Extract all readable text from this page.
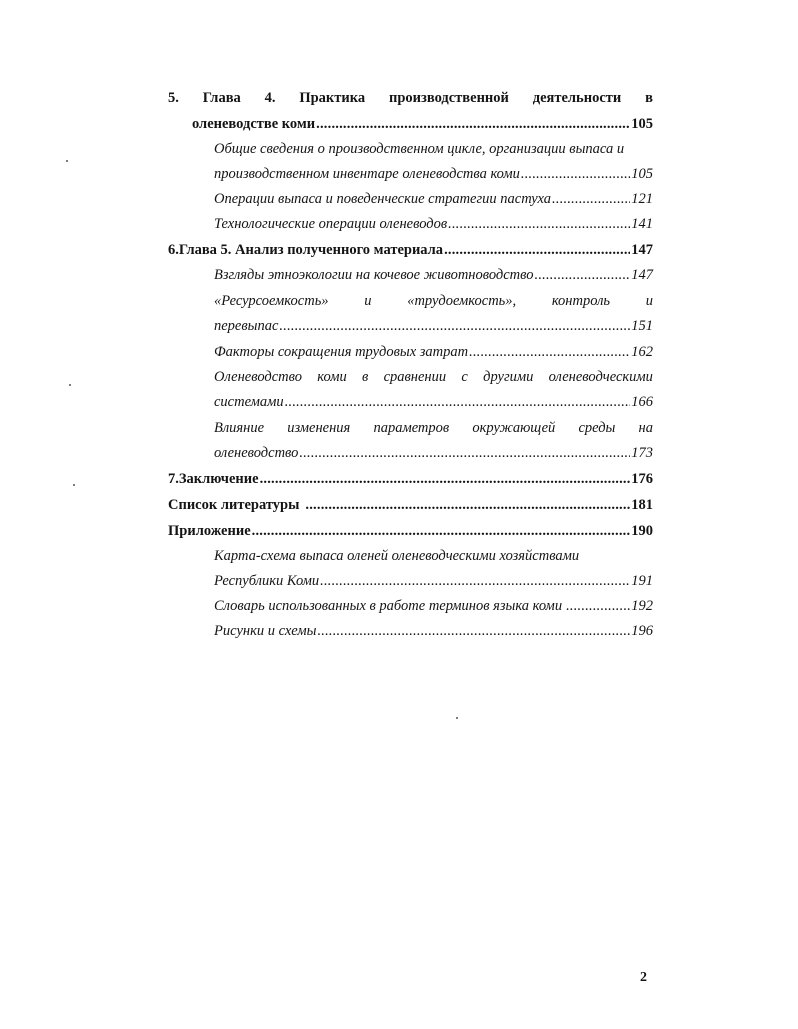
5. Глава 4. Практика производственной деятельности в
оленеводстве коми .....	105
Общие сведения о производственном цикле, организации выпаса и
производственном инвентаре оленеводства коми .....	105
Операции выпаса и поведенческие стратегии пастуха .....	121
Технологические операции оленеводов .....	141
6. Глава 5. Анализ полученного материала .....	147
Взгляды этноэкологии на кочевое животноводство .....	147
«Ресурсоемкость» и «трудоемкость», контроль и
перевыпас .....	151
Факторы сокращения трудовых затрат .....	162
Оленеводство коми в сравнении с другими оленеводческими
системами .....	166
Влияние изменения параметров окружающей среды на
оленеводство .....	173
7. Заключение .....	176
Список литературы .....	181
Приложение .....	190
Карта-схема выпаса оленей оленеводческими хозяйствами
Республики Коми .....	191
Словарь использованных в работе терминов языка коми .....	192
Рисунки и схемы .....	196
2
